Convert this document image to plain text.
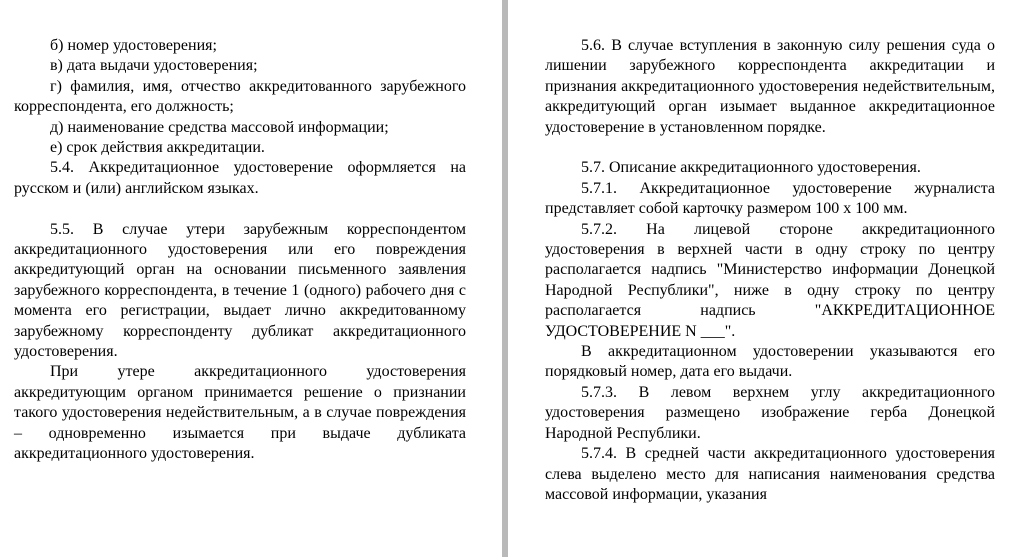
б) номер удостоверения;

в) дата выдачи удостоверения;

г) фамилия, имя, отчество аккредитованного зарубежного корреспондента, его должность;

д) наименование средства массовой информации;

е) срок действия аккредитации.

5.4. Аккредитационное удостоверение оформляется на русском и (или) английском языках.

5.5. В случае утери зарубежным корреспондентом аккредитационного удостоверения или его повреждения аккредитующий орган на основании письменного заявления зарубежного корреспондента, в течение 1 (одного) рабочего дня с момента его регистрации, выдает лично аккредитованному зарубежному корреспонденту дубликат аккредитационного удостоверения.

При утере аккредитационного удостоверения аккредитующим органом принимается решение о признании такого удостоверения недействительным, а в случае повреждения – одновременно изымается при выдаче дубликата аккредитационного удостоверения.

5.6. В случае вступления в законную силу решения суда о лишении зарубежного корреспондента аккредитации и признания аккредитационного удостоверения недействительным, аккредитующий орган изымает выданное аккредитационное удостоверение в установленном порядке.

5.7. Описание аккредитационного удостоверения.

5.7.1. Аккредитационное удостоверение журналиста представляет собой карточку размером 100 х 100 мм.

5.7.2. На лицевой стороне аккредитационного удостоверения в верхней части в одну строку по центру располагается надпись "Министерство информации Донецкой Народной Республики", ниже в одну строку по центру располагается надпись "АККРЕДИТАЦИОННОЕ УДОСТОВЕРЕНИЕ N ___".

В аккредитационном удостоверении указываются его порядковый номер, дата его выдачи.

5.7.3. В левом верхнем углу аккредитационного удостоверения размещено изображение герба Донецкой Народной Республики.

5.7.4. В средней части аккредитационного удостоверения слева выделено место для написания наименования средства массовой информации, указания
